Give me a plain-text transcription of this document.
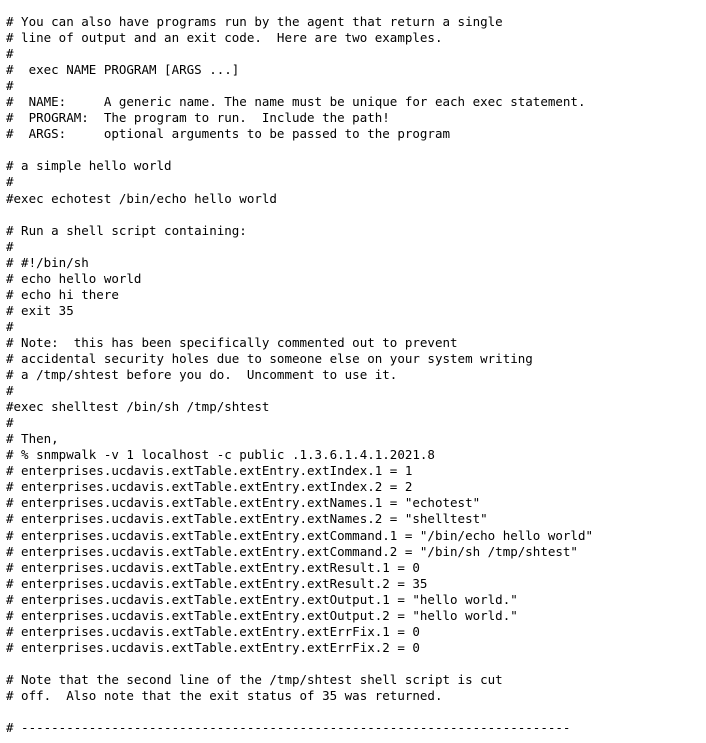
# You can also have programs run by the agent that return a single
# line of output and an exit code.  Here are two examples.
#
#  exec NAME PROGRAM [ARGS ...]
#
#  NAME:     A generic name. The name must be unique for each exec statement.
#  PROGRAM:  The program to run.  Include the path!
#  ARGS:     optional arguments to be passed to the program
# a simple hello world
#
#exec echotest /bin/echo hello world
# Run a shell script containing:
#
# #!/bin/sh
# echo hello world
# echo hi there
# exit 35
#
# Note:  this has been specifically commented out to prevent
# accidental security holes due to someone else on your system writing
# a /tmp/shtest before you do.  Uncomment to use it.
#
#exec shelltest /bin/sh /tmp/shtest
#
# Then,
# % snmpwalk -v 1 localhost -c public .1.3.6.1.4.1.2021.8
# enterprises.ucdavis.extTable.extEntry.extIndex.1 = 1
# enterprises.ucdavis.extTable.extEntry.extIndex.2 = 2
# enterprises.ucdavis.extTable.extEntry.extNames.1 = "echotest"
# enterprises.ucdavis.extTable.extEntry.extNames.2 = "shelltest"
# enterprises.ucdavis.extTable.extEntry.extCommand.1 = "/bin/echo hello world"
# enterprises.ucdavis.extTable.extEntry.extCommand.2 = "/bin/sh /tmp/shtest"
# enterprises.ucdavis.extTable.extEntry.extResult.1 = 0
# enterprises.ucdavis.extTable.extEntry.extResult.2 = 35
# enterprises.ucdavis.extTable.extEntry.extOutput.1 = "hello world."
# enterprises.ucdavis.extTable.extEntry.extOutput.2 = "hello world."
# enterprises.ucdavis.extTable.extEntry.extErrFix.1 = 0
# enterprises.ucdavis.extTable.extEntry.extErrFix.2 = 0
# Note that the second line of the /tmp/shtest shell script is cut
# off.  Also note that the exit status of 35 was returned.
# -------------------------------------------------------------------------
